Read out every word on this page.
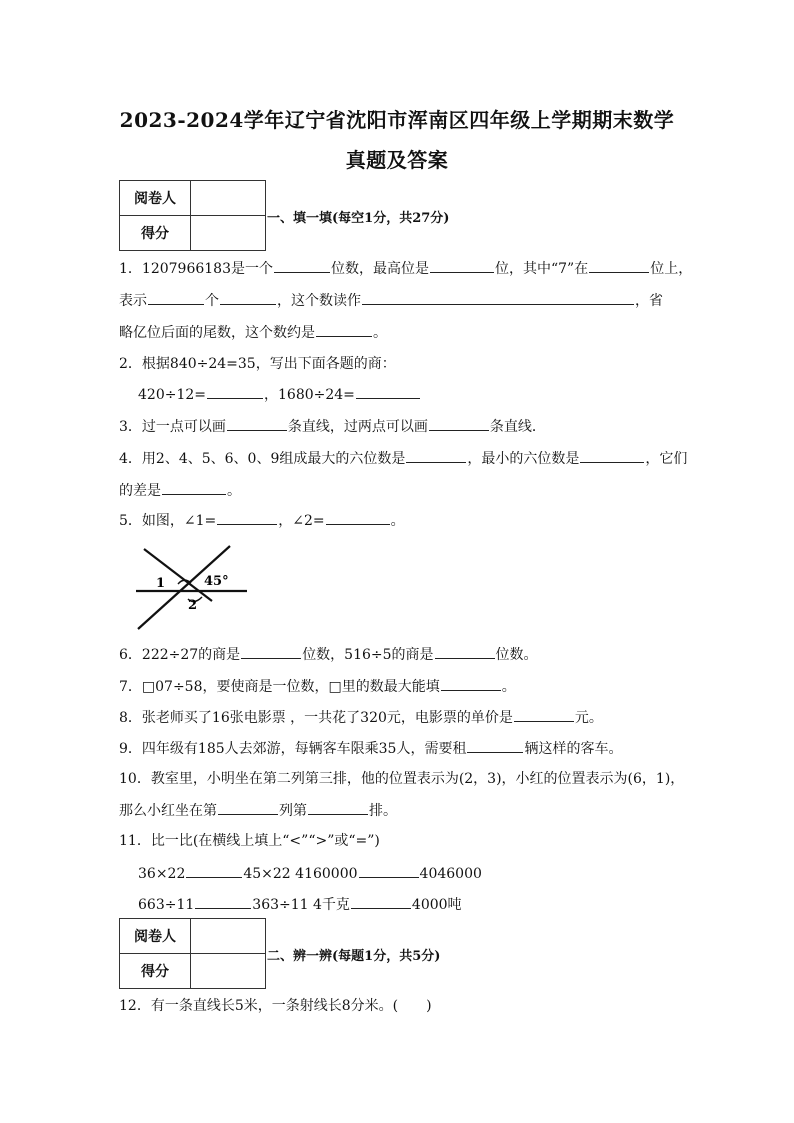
2023-2024学年辽宁省沈阳市浑南区四年级上学期期末数学
真题及答案
阅卷人	
得分	
一、填一填(每空1分，共27分)
1．1207966183是一个	位数，最高位是	位，其中“7”在	位上，
表示	个	，这个数读作	，省
略亿位后面的尾数，这个数约是	。
2．根据840÷24=35，写出下面各题的商：
420÷12=	，1680÷24=
3．过一点可以画	条直线，过两点可以画	条直线．
4．用2、4、5、6、0、9组成最大的六位数是	，最小的六位数是	，它们
的差是	。
5．如图，∠1=	，∠2=	。
1
2
45°
6．222÷27的商是	位数，516÷5的商是	位数。
7．□07÷58，要使商是一位数，□里的数最大能填	。
8．张老师买了16张电影票 ，一共花了320元，电影票的单价是	元。
9．四年级有185人去郊游，每辆客车限乘35人，需要租	辆这样的客车。
10．教室里，小明坐在第二列第三排，他的位置表示为(2，3)，小红的位置表示为(6，1)，
那么小红坐在第	列第	排。
11．比一比(在横线上填上“<”“>”或“=”)
36×22	45×22 4160000	4046000
663÷11	363÷11 4千克	4000吨
阅卷人	
得分	
二、辨一辨(每题1分，共5分)
12．有一条直线长5米，一条射线长8分米。(　　)
